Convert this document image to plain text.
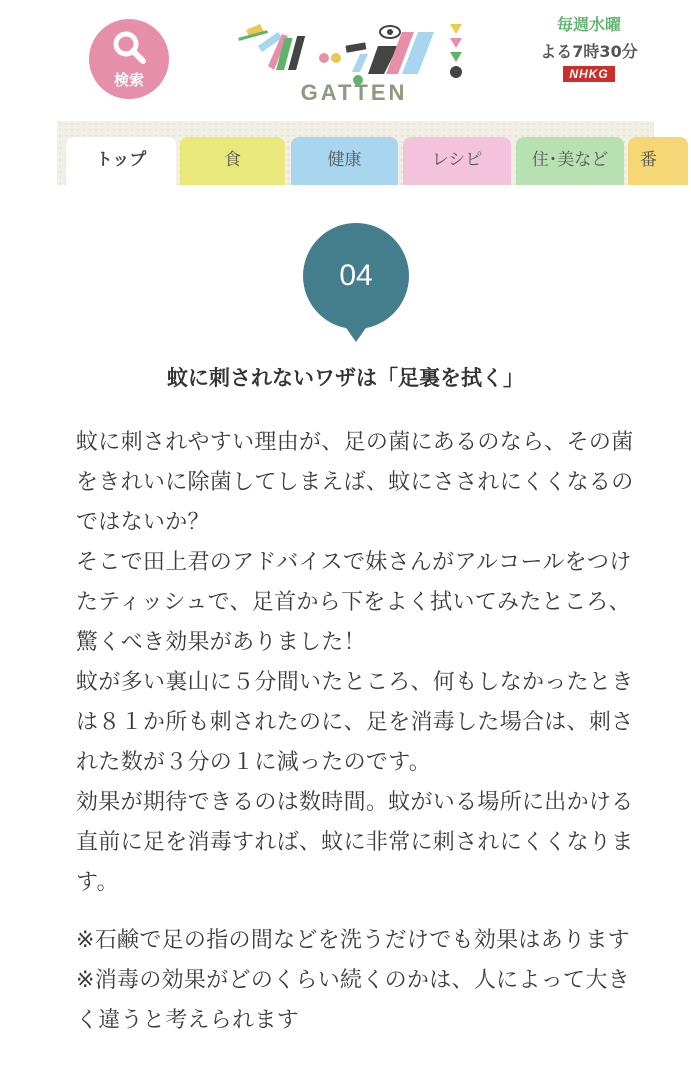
検索	GATTEN
毎週水曜
よる7時30分
NHKG
トップ	食	健康	レシピ	住･美など	番
04
蚊に刺されないワザは「足裏を拭く」

蚊に刺されやすい理由が、足の菌にあるのなら、その菌をきれいに除菌してしまえば、蚊にさされにくくなるのではないか？

そこで田上君のアドバイスで妹さんがアルコールをつけたティッシュで、足首から下をよく拭いてみたところ、驚くべき効果がありました！

蚊が多い裏山に５分間いたところ、何もしなかったときは８１か所も刺されたのに、足を消毒した場合は、刺された数が３分の１に減ったのです。

効果が期待できるのは数時間。蚊がいる場所に出かける直前に足を消毒すれば、蚊に非常に刺されにくくなります。

※石鹸で足の指の間などを洗うだけでも効果はあります

※消毒の効果がどのくらい続くのかは、人によって大きく違うと考えられます
